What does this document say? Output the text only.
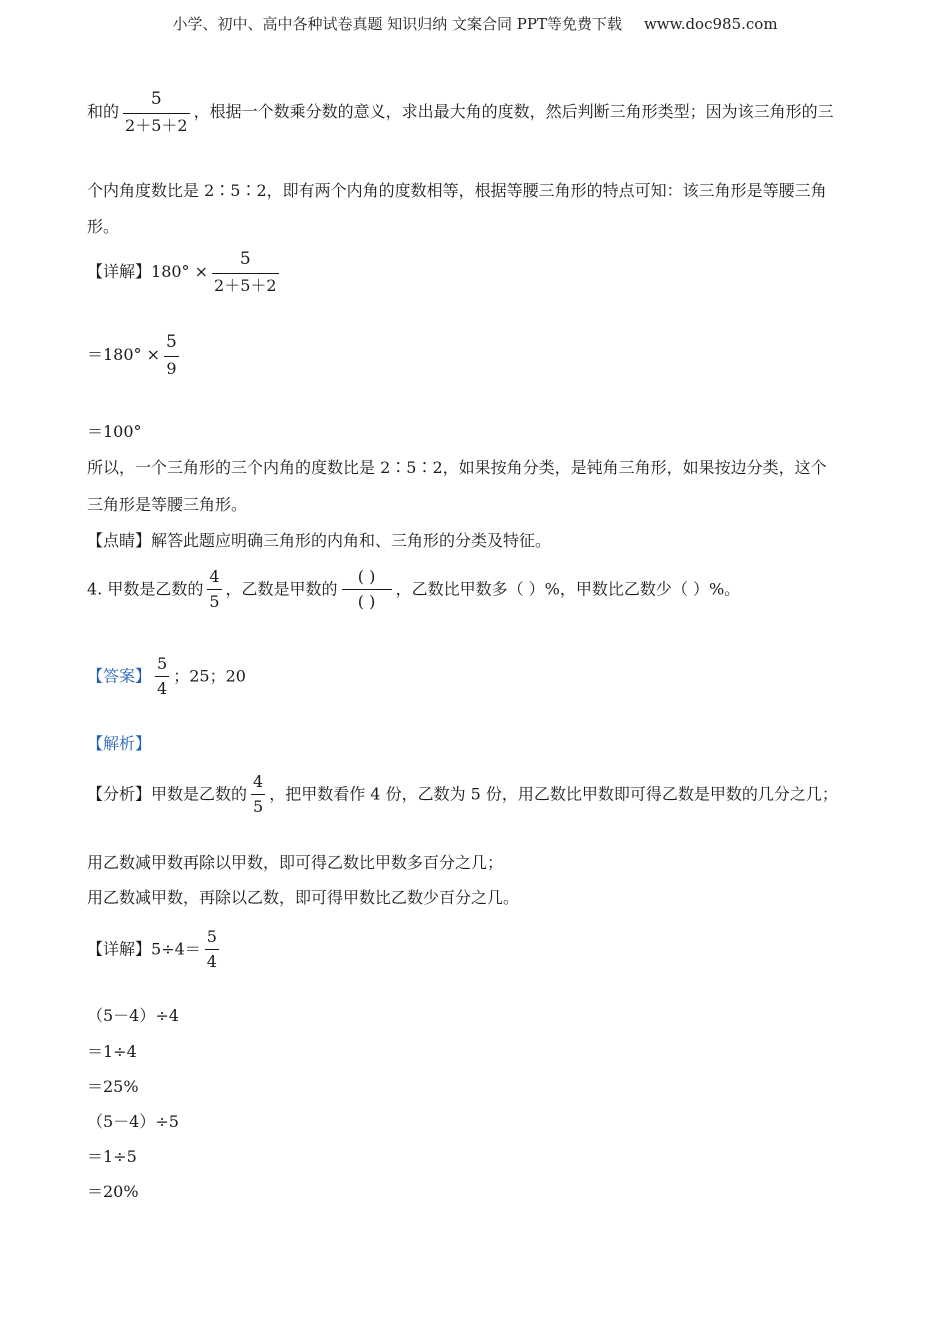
小学、初中、高中各种试卷真题 知识归纳 文案合同 PPT等免费下载 www.doc985.com
和的 $\frac{5}{2+5+2}$ ，根据一个数乘分数的意义，求出最大角的度数，然后判断三角形类型；因为该三角形的三
个内角度数比是 2∶5∶2，即有两个内角的度数相等，根据等腰三角形的特点可知：该三角形是等腰三角
形。
【详解】$180^\circ \times \frac{5}{2+5+2}$
$=180^\circ \times \frac{5}{9}$
＝100°
所以，一个三角形的三个内角的度数比是 2∶5∶2，如果按角分类，是钝角三角形，如果按边分类，这个
三角形是等腰三角形。
【点睛】解答此题应明确三角形的内角和、三角形的分类及特征。
4. 甲数是乙数的 $\frac{4}{5}$ ，乙数是甲数的 $\frac{( )}{( )}$ ，乙数比甲数多（ ）%，甲数比乙数少（ ）%。
【答案】 $\frac{5}{4}$ ；25；20
【解析】
【分析】甲数是乙数的 $\frac{4}{5}$ ，把甲数看作 4 份，乙数为 5 份，用乙数比甲数即可得乙数是甲数的几分之几；
用乙数减甲数再除以甲数，即可得乙数比甲数多百分之几；
用乙数减甲数，再除以乙数，即可得甲数比乙数少百分之几。
【详解】$5\div 4= \frac{5}{4}$
（5－4）÷4
＝1÷4
＝25%
（5－4）÷5
＝1÷5
＝20%
